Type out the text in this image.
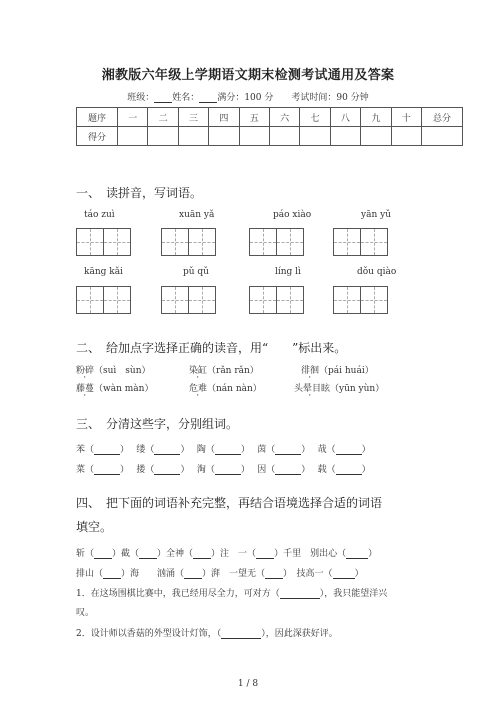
湘教版六年级上学期语文期末检测考试通用及答案
班级： 姓名： 满分：100 分　　 考试时间：90 分钟
题序	一	二	三	四	五	六	七	八	九	十	总分
得分											
一、　读拼音，写词语。
táo zuì	xuān yǎ	páo xiào	yān yǔ
kāng kǎi	pǔ qǔ	líng lì	dǒu qiào
二、　给加点字选择正确的读音，用“　　”标出来。
粉碎（suì　sùn）	染缸（rǎn rǎn）	徘徊（pái huái）
藤蔓（wàn màn）	危难（nán nàn）	头晕目眩（yūn yùn）
三、　分清这些字，分别组词。
苯（	）　 缕（	）　 陶（	）　 茵（	）　 哉（	）
菜（	）　 搂（	）　 淘（	）　 因（	）　 载（	）
四、　把下面的词语补充完整，再结合语境选择合适的词语
填空。
斩（ ）截（ ）全神（ ）注　一（ ）千里　别出心（ ）
排山（ ）海　　汹涌（ ）湃　一望无（ ）　技高一（ ）
1．在这场围棋比赛中，我已经用尽全力，可对方（	），我只能望洋兴
叹。
2．设计师以香菇的外型设计灯饰，（	），因此深获好评。
1 / 8
